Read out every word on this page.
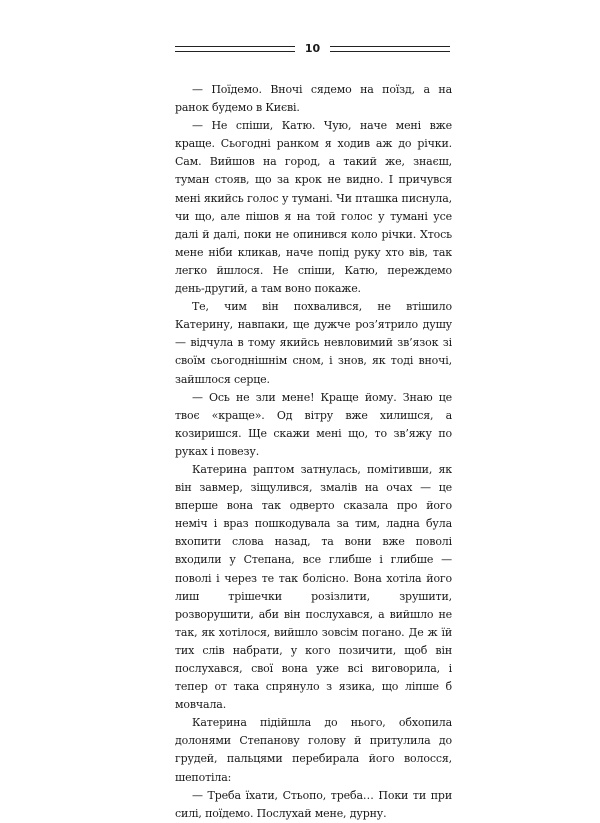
10

— Поїдемо. Вночі сядемо на поїзд, а на ранок будемо в Києві.

— Не спіши, Катю. Чую, наче мені вже краще. Сьогодні ранком я ходив аж до річки. Сам. Вийшов на город, а такий же, знаєш, туман стояв, що за крок не видно. І причувся мені якийсь голос у тумані. Чи пташка писнула, чи що, але пішов я на той голос у тумані усе далі й далі, поки не опинився коло річки. Хтось мене ніби кликав, наче попід руку хто вів, так легко йшлося. Не спіши, Катю, переждемо день-другий, а там воно покаже.

Те, чим він похвалився, не втішило Катерину, навпаки, ще дужче роз’ятрило душу — відчула в тому якийсь невловимий зв’язок зі своїм сьогоднішнім сном, і знов, як тоді вночі, зайшлося серце.

— Ось не зли мене! Краще йому. Знаю це твоє «краще». Од вітру вже хилишся, а козиришся. Ще скажи мені що, то зв’яжу по руках і повезу.

Катерина раптом затнулась, помітивши, як він завмер, зіщулився, змалів на очах — це вперше вона так одверто сказала про його неміч і враз пошкодувала за тим, ладна була вхопити слова назад, та вони вже поволі входили у Степана, все глибше і глибше — поволі і через те так болісно. Вона хотіла його лиш трішечки розізлити, зрушити, розворушити, аби він послухався, а вийшло не так, як хотілося, вийшло зовсім погано. Де ж їй тих слів набрати, у кого позичити, щоб він послухався, свої вона уже всі виговорила, і тепер от така спрянуло з язика, що ліпше б мовчала.

Катерина підійшла до нього, обхопила долонями Степанову голову й притулила до грудей, пальцями перебирала його волосся, шепотіла:

— Треба їхати, Стьопо, треба… Поки ти при силі, поїдемо. Послухай мене, дурну.
